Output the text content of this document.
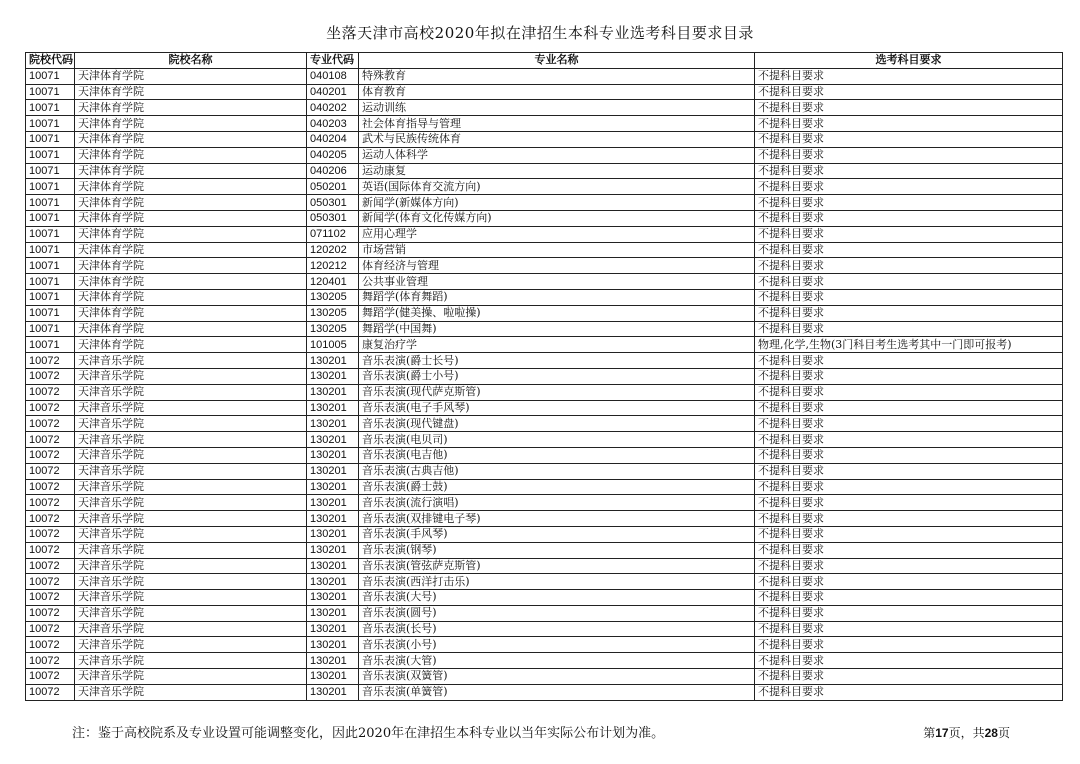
坐落天津市高校2020年拟在津招生本科专业选考科目要求目录
院校代码	院校名称	专业代码	专业名称	选考科目要求
10071	天津体育学院	040108	特殊教育	不提科目要求
10071	天津体育学院	040201	体育教育	不提科目要求
10071	天津体育学院	040202	运动训练	不提科目要求
10071	天津体育学院	040203	社会体育指导与管理	不提科目要求
10071	天津体育学院	040204	武术与民族传统体育	不提科目要求
10071	天津体育学院	040205	运动人体科学	不提科目要求
10071	天津体育学院	040206	运动康复	不提科目要求
10071	天津体育学院	050201	英语(国际体育交流方向)	不提科目要求
10071	天津体育学院	050301	新闻学(新媒体方向)	不提科目要求
10071	天津体育学院	050301	新闻学(体育文化传媒方向)	不提科目要求
10071	天津体育学院	071102	应用心理学	不提科目要求
10071	天津体育学院	120202	市场营销	不提科目要求
10071	天津体育学院	120212	体育经济与管理	不提科目要求
10071	天津体育学院	120401	公共事业管理	不提科目要求
10071	天津体育学院	130205	舞蹈学(体育舞蹈)	不提科目要求
10071	天津体育学院	130205	舞蹈学(健美操、啦啦操)	不提科目要求
10071	天津体育学院	130205	舞蹈学(中国舞)	不提科目要求
10071	天津体育学院	101005	康复治疗学	物理,化学,生物(3门科目考生选考其中一门即可报考)
10072	天津音乐学院	130201	音乐表演(爵士长号)	不提科目要求
10072	天津音乐学院	130201	音乐表演(爵士小号)	不提科目要求
10072	天津音乐学院	130201	音乐表演(现代萨克斯管)	不提科目要求
10072	天津音乐学院	130201	音乐表演(电子手风琴)	不提科目要求
10072	天津音乐学院	130201	音乐表演(现代键盘)	不提科目要求
10072	天津音乐学院	130201	音乐表演(电贝司)	不提科目要求
10072	天津音乐学院	130201	音乐表演(电吉他)	不提科目要求
10072	天津音乐学院	130201	音乐表演(古典吉他)	不提科目要求
10072	天津音乐学院	130201	音乐表演(爵士鼓)	不提科目要求
10072	天津音乐学院	130201	音乐表演(流行演唱)	不提科目要求
10072	天津音乐学院	130201	音乐表演(双排键电子琴)	不提科目要求
10072	天津音乐学院	130201	音乐表演(手风琴)	不提科目要求
10072	天津音乐学院	130201	音乐表演(钢琴)	不提科目要求
10072	天津音乐学院	130201	音乐表演(管弦萨克斯管)	不提科目要求
10072	天津音乐学院	130201	音乐表演(西洋打击乐)	不提科目要求
10072	天津音乐学院	130201	音乐表演(大号)	不提科目要求
10072	天津音乐学院	130201	音乐表演(圆号)	不提科目要求
10072	天津音乐学院	130201	音乐表演(长号)	不提科目要求
10072	天津音乐学院	130201	音乐表演(小号)	不提科目要求
10072	天津音乐学院	130201	音乐表演(大管)	不提科目要求
10072	天津音乐学院	130201	音乐表演(双簧管)	不提科目要求
10072	天津音乐学院	130201	音乐表演(单簧管)	不提科目要求
注：鉴于高校院系及专业设置可能调整变化，因此2020年在津招生本科专业以当年实际公布计划为准。	第17页，共28页
